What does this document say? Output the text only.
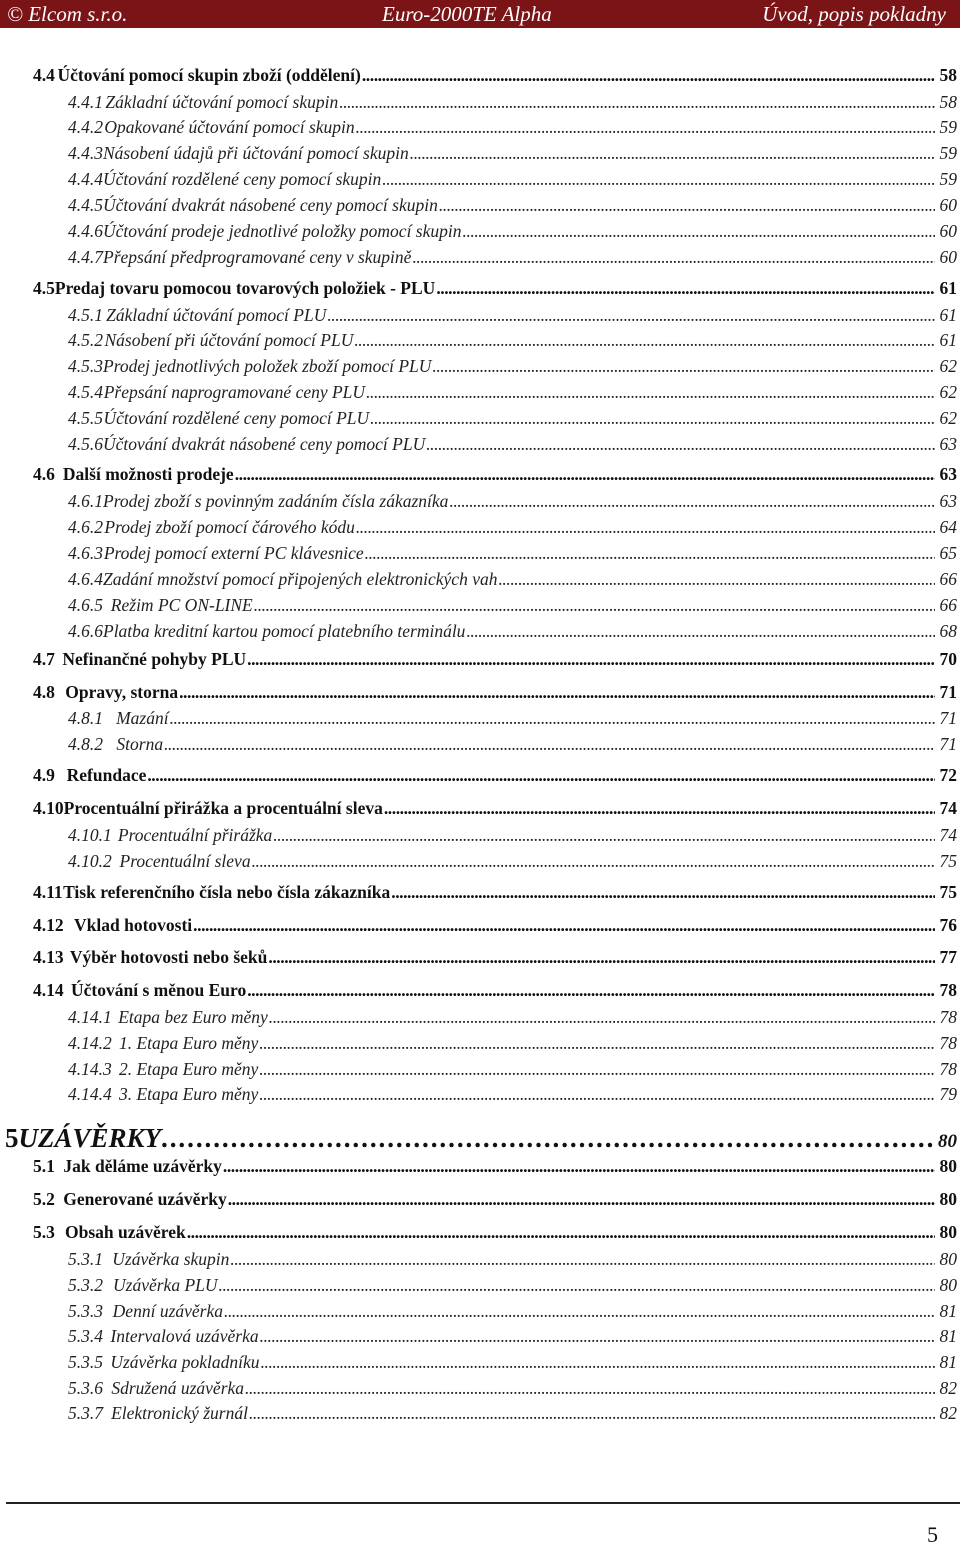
© Elcom s.r.o.	Euro-2000TE Alpha	Úvod, popis pokladny
4.4 Účtování pomocí skupin zboží (oddělení) . . .	58
4.4.1 Základní účtování pomocí skupin . . .	58
4.4.2 Opakované účtování pomocí skupin . . .	59
4.4.3 Násobení údajů při účtování pomocí skupin . . .	59
4.4.4 Účtování rozdělené ceny pomocí skupin . . .	59
4.4.5 Účtování dvakrát násobené ceny pomocí skupin . . .	60
4.4.6 Účtování prodeje jednotlivé položky pomocí skupin . . .	60
4.4.7 Přepsání předprogramované ceny v skupině . . .	60
4.5 Predaj tovaru pomocou tovarových položiek - PLU . . .	61
4.5.1 Základní účtování pomocí PLU . . .	61
4.5.2 Násobení při účtování pomocí PLU . . .	61
4.5.3 Prodej jednotlivých položek zboží pomocí PLU . . .	62
4.5.4 Přepsání naprogramované ceny PLU . . .	62
4.5.5 Účtování rozdělené ceny pomocí PLU . . .	62
4.5.6 Účtování dvakrát násobené ceny pomocí PLU . . .	63
4.6 Další možnosti prodeje . . .	63
4.6.1 Prodej zboží s povinným zadáním čísla zákazníka . . .	63
4.6.2 Prodej zboží pomocí čárového kódu . . .	64
4.6.3 Prodej pomocí externí PC klávesnice . . .	65
4.6.4 Zadání množství pomocí připojených elektronických vah . . .	66
4.6.5 Režim PC ON-LINE . . .	66
4.6.6 Platba kreditní kartou pomocí platebního terminálu . . .	68
4.7 Nefinančné pohyby PLU . . .	70
4.8 Opravy, storna . . .	71
4.8.1 Mazání . . .	71
4.8.2 Storna . . .	71
4.9 Refundace . . .	72
4.10 Procentuální přirážka a procentuální sleva . . .	74
4.10.1 Procentuální přirážka . . .	74
4.10.2 Procentuální sleva . . .	75
4.11 Tisk referenčního čísla nebo čísla zákazníka . . .	75
4.12 Vklad hotovosti . . .	76
4.13 Výběr hotovosti nebo šeků . . .	77
4.14 Účtování s měnou Euro . . .	78
4.14.1 Etapa bez Euro měny . . .	78
4.14.2 1. Etapa Euro měny . . .	78
4.14.3 2. Etapa Euro měny . . .	78
4.14.4 3. Etapa Euro měny . . .	79
5 UZÁVĚRKY . . .	80
5.1 Jak děláme uzávěrky . . .	80
5.2 Generované uzávěrky . . .	80
5.3 Obsah uzávěrek . . .	80
5.3.1 Uzávěrka skupin . . .	80
5.3.2 Uzávěrka PLU . . .	80
5.3.3 Denní uzávěrka . . .	81
5.3.4 Intervalová uzávěrka . . .	81
5.3.5 Uzávěrka pokladníku . . .	81
5.3.6 Sdružená uzávěrka . . .	82
5.3.7 Elektronický žurnál . . .	82
5
